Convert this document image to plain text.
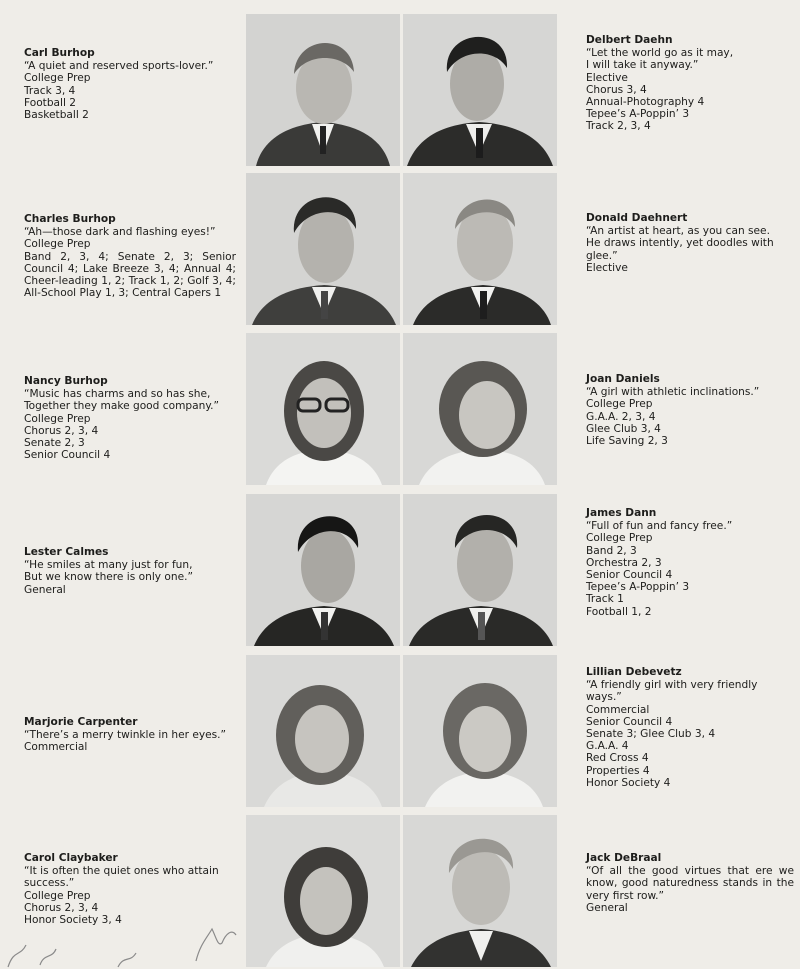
Carl Burhop
“A quiet and reserved sports-lover.”
College Prep
Track 3, 4
Football 2
Basketball 2
Charles Burhop
“Ah—those dark and flashing eyes!”
College Prep
Band 2, 3, 4; Senate 2, 3; Senior Council 4; Lake Breeze 3, 4; Annual 4; Cheer-leading 1, 2; Track 1, 2; Golf 3, 4; All-School Play 1, 3; Central Capers 1
Nancy Burhop
“Music has charms and so has she,
Together they make good company.”
College Prep
Chorus 2, 3, 4
Senate 2, 3
Senior Council 4
Lester Calmes
“He smiles at many just for fun,
But we know there is only one.”
General
Marjorie Carpenter
“There’s a merry twinkle in her eyes.”
Commercial
Carol Claybaker
“It is often the quiet ones who attain success.”
College Prep
Chorus 2, 3, 4
Honor Society 3, 4
Delbert Daehn
“Let the world go as it may,
I will take it anyway.”
Elective
Chorus 3, 4
Annual-Photography 4
Tepee’s A-Poppin’ 3
Track 2, 3, 4
Donald Daehnert
“An artist at heart, as you can see. He draws intently, yet doodles with glee.”
Elective
Joan Daniels
“A girl with athletic inclinations.”
College Prep
G.A.A. 2, 3, 4
Glee Club 3, 4
Life Saving 2, 3
James Dann
“Full of fun and fancy free.”
College Prep
Band 2, 3
Orchestra 2, 3
Senior Council 4
Tepee’s A-Poppin’ 3
Track 1
Football 1, 2
Lillian Debevetz
“A friendly girl with very friendly ways.”
Commercial
Senior Council 4
Senate 3; Glee Club 3, 4
G.A.A. 4
Red Cross 4
Properties 4
Honor Society 4
Jack DeBraal
“Of all the good virtues that ere we know, good naturedness stands in the very first row.”
General
